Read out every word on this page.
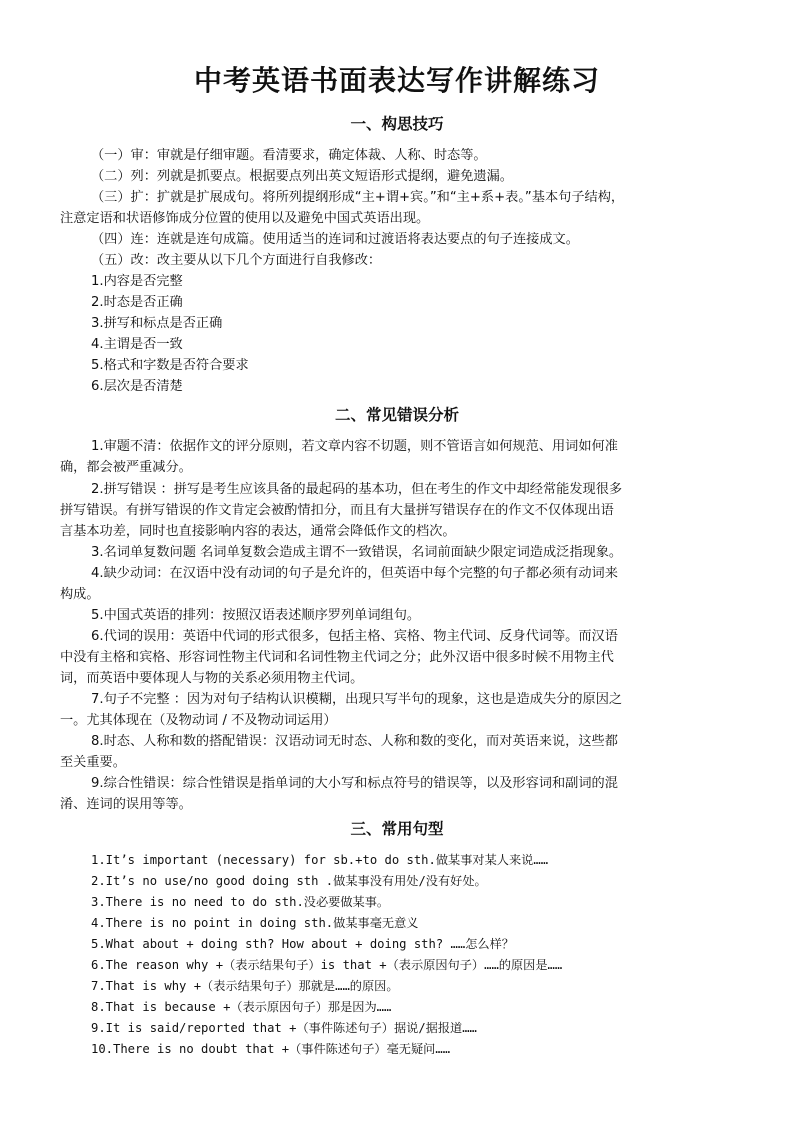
中考英语书面表达写作讲解练习
一、构思技巧
（一）审：审就是仔细审题。看清要求，确定体裁、人称、时态等。
（二）列：列就是抓要点。根据要点列出英文短语形式提纲，避免遗漏。
（三）扩：扩就是扩展成句。将所列提纲形成“主+谓+宾。”和“主+系+表。”基本句子结构，
注意定语和状语修饰成分位置的使用以及避免中国式英语出现。
（四）连：连就是连句成篇。使用适当的连词和过渡语将表达要点的句子连接成文。
（五）改：改主要从以下几个方面进行自我修改：
1.内容是否完整
2.时态是否正确
3.拼写和标点是否正确
4.主谓是否一致
5.格式和字数是否符合要求
6.层次是否清楚
二、常见错误分析
1.审题不清：依据作文的评分原则，若文章内容不切题，则不管语言如何规范、用词如何准
确，都会被严重减分。
2.拼写错误 ：拼写是考生应该具备的最起码的基本功，但在考生的作文中却经常能发现很多
拼写错误。有拼写错误的作文肯定会被酌情扣分，而且有大量拼写错误存在的作文不仅体现出语
言基本功差，同时也直接影响内容的表达，通常会降低作文的档次。
3.名词单复数问题 名词单复数会造成主谓不一致错误，名词前面缺少限定词造成泛指现象。
4.缺少动词：在汉语中没有动词的句子是允许的，但英语中每个完整的句子都必须有动词来
构成。
5.中国式英语的排列：按照汉语表述顺序罗列单词组句。
6.代词的误用：英语中代词的形式很多，包括主格、宾格、物主代词、反身代词等。而汉语
中没有主格和宾格、形容词性物主代词和名词性物主代词之分；此外汉语中很多时候不用物主代
词，而英语中要体现人与物的关系必须用物主代词。
7.句子不完整 ：因为对句子结构认识模糊，出现只写半句的现象，这也是造成失分的原因之
一。尤其体现在（及物动词 / 不及物动词运用）
8.时态、人称和数的搭配错误：汉语动词无时态、人称和数的变化，而对英语来说，这些都
至关重要。
9.综合性错误：综合性错误是指单词的大小写和标点符号的错误等，以及形容词和副词的混
淆、连词的误用等等。
三、常用句型
1.It’s important (necessary) for sb.+to do sth.做某事对某人来说……
2.It’s no use/no good doing sth .做某事没有用处/没有好处。
3.There is no need to do sth.没必要做某事。
4.There is no point in doing sth.做某事毫无意义
5.What about + doing sth? How about + doing sth? ……怎么样？
6.The reason why +（表示结果句子）is that +（表示原因句子）……的原因是……
7.That is why +（表示结果句子）那就是……的原因。
8.That is because +（表示原因句子）那是因为……
9.It is said/reported that +（事件陈述句子）据说/据报道……
10.There is no doubt that +（事件陈述句子）毫无疑问……
